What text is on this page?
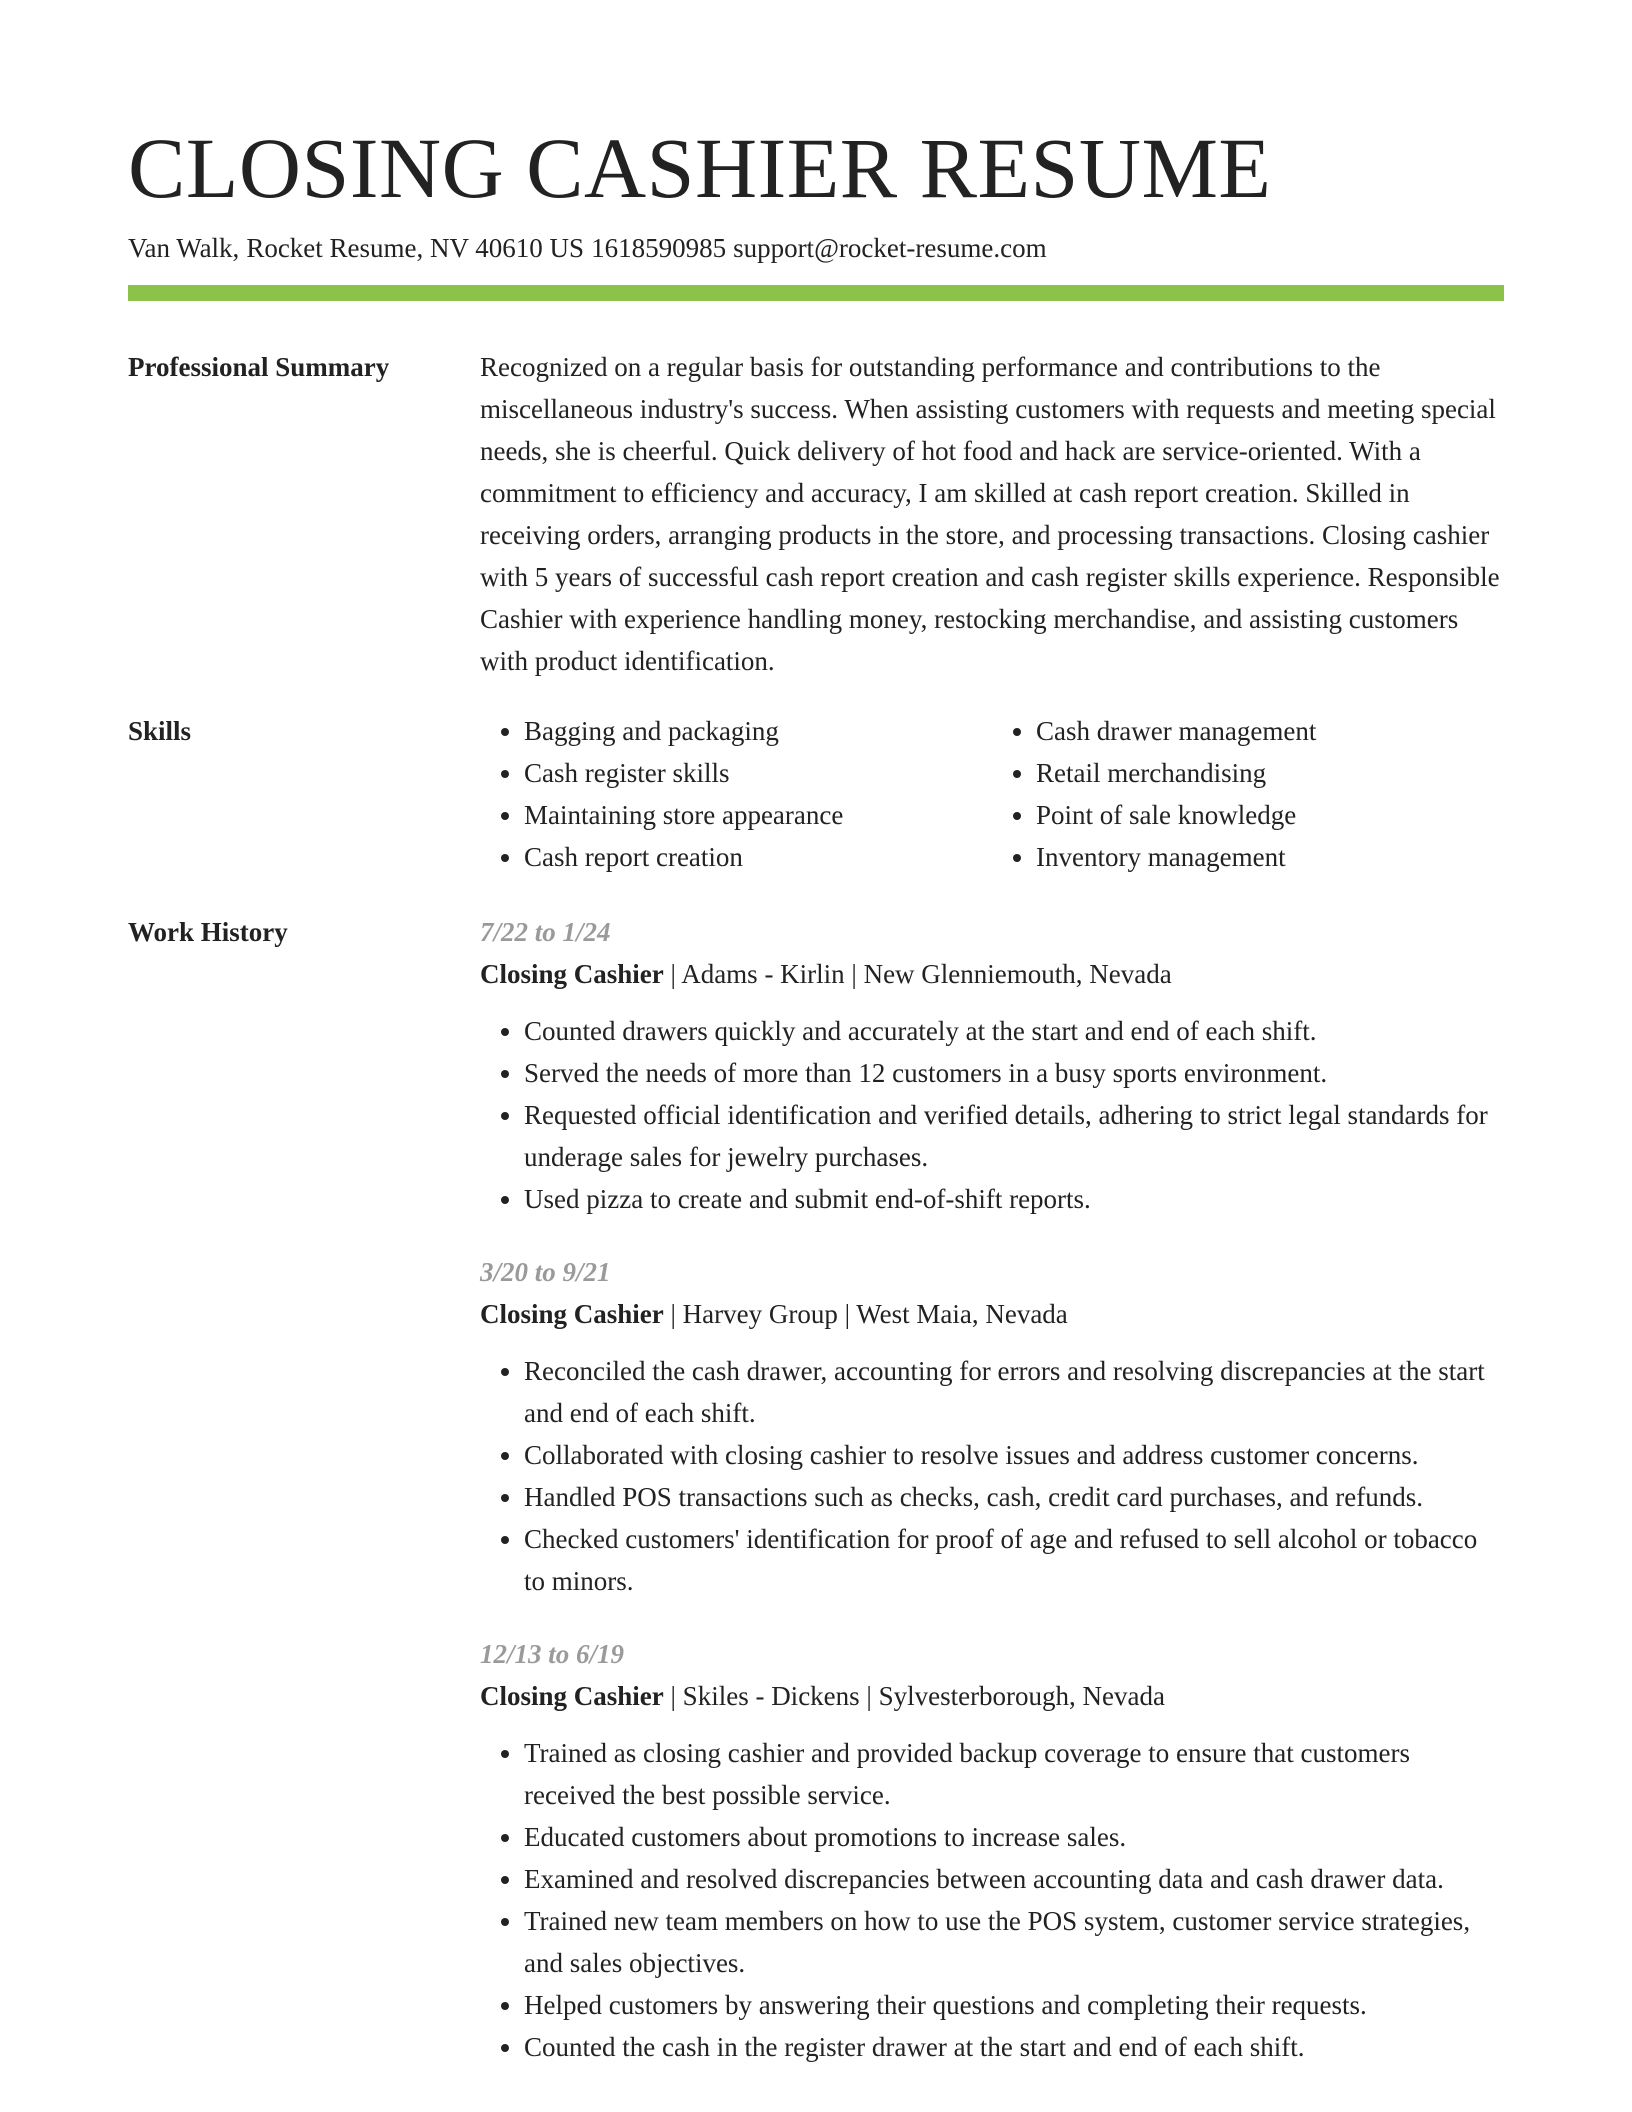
CLOSING CASHIER RESUME
Van Walk, Rocket Resume, NV 40610 US 1618590985 support@rocket-resume.com
Professional Summary	Recognized on a regular basis for outstanding performance and contributions to the miscellaneous industry's success. When assisting customers with requests and meeting special needs, she is cheerful. Quick delivery of hot food and hack are service-oriented. With a commitment to efficiency and accuracy, I am skilled at cash report creation. Skilled in receiving orders, arranging products in the store, and processing transactions. Closing cashier with 5 years of successful cash report creation and cash register skills experience. Responsible Cashier with experience handling money, restocking merchandise, and assisting customers with product identification.

Skills
•	Bagging and packaging
• Cash register skills
• Maintaining store appearance
• Cash report creation
• Cash drawer management
• Retail merchandising
• Point of sale knowledge
• Inventory management
Work History	7/22 to 1/24
Closing Cashier | Adams - Kirlin | New Glenniemouth, Nevada
• Counted drawers quickly and accurately at the start and end of each shift.
• Served the needs of more than 12 customers in a busy sports environment.
• Requested official identification and verified details, adhering to strict legal standards for underage sales for jewelry purchases.
• Used pizza to create and submit end-of-shift reports.
3/20 to 9/21
Closing Cashier | Harvey Group | West Maia, Nevada
• Reconciled the cash drawer, accounting for errors and resolving discrepancies at the start and end of each shift.
• Collaborated with closing cashier to resolve issues and address customer concerns.
• Handled POS transactions such as checks, cash, credit card purchases, and refunds.
• Checked customers' identification for proof of age and refused to sell alcohol or tobacco to minors.
12/13 to 6/19
Closing Cashier | Skiles - Dickens | Sylvesterborough, Nevada
• Trained as closing cashier and provided backup coverage to ensure that customers received the best possible service.
• Educated customers about promotions to increase sales.
• Examined and resolved discrepancies between accounting data and cash drawer data.
• Trained new team members on how to use the POS system, customer service strategies, and sales objectives.
• Helped customers by answering their questions and completing their requests.
• Counted the cash in the register drawer at the start and end of each shift.
